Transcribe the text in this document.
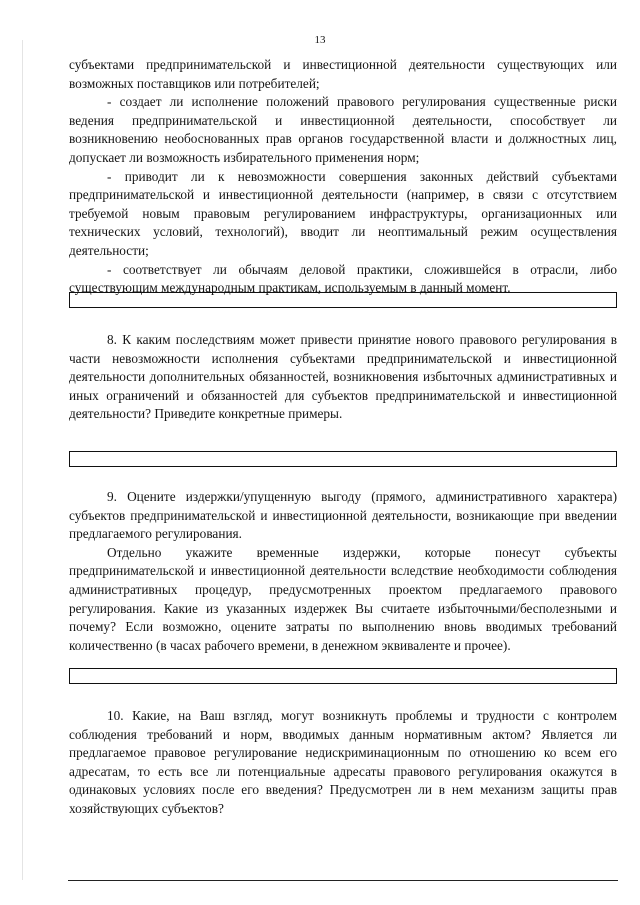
13

субъектами предпринимательской и инвестиционной деятельности существующих или возможных поставщиков или потребителей;

- создает ли исполнение положений правового регулирования существенные риски ведения предпринимательской и инвестиционной деятельности, способствует ли возникновению необоснованных прав органов государственной власти и должностных лиц, допускает ли возможность избирательного применения норм;

- приводит ли к невозможности совершения законных действий субъектами предпринимательской и инвестиционной деятельности (например, в связи с отсутствием требуемой новым правовым регулированием инфраструктуры, организационных или технических условий, технологий), вводит ли неоптимальный режим осуществления деятельности;

- соответствует ли обычаям деловой практики, сложившейся в отрасли, либо существующим международным практикам, используемым в данный момент.

8. К каким последствиям может привести принятие нового правового регулирования в части невозможности исполнения субъектами предпринимательской и инвестиционной деятельности дополнительных обязанностей, возникновения избыточных административных и иных ограничений и обязанностей для субъектов предпринимательской и инвестиционной деятельности? Приведите конкретные примеры.

9. Оцените издержки/упущенную выгоду (прямого, административного характера) субъектов предпринимательской и инвестиционной деятельности, возникающие при введении предлагаемого регулирования.

Отдельно укажите временные издержки, которые понесут субъекты предпринимательской и инвестиционной деятельности вследствие необходимости соблюдения административных процедур, предусмотренных проектом предлагаемого правового регулирования. Какие из указанных издержек Вы считаете избыточными/бесполезными и почему? Если возможно, оцените затраты по выполнению вновь вводимых требований количественно (в часах рабочего времени, в денежном эквиваленте и прочее).

10. Какие, на Ваш взгляд, могут возникнуть проблемы и трудности с контролем соблюдения требований и норм, вводимых данным нормативным актом? Является ли предлагаемое правовое регулирование недискриминационным по отношению ко всем его адресатам, то есть все ли потенциальные адресаты правового регулирования окажутся в одинаковых условиях после его введения? Предусмотрен ли в нем механизм защиты прав хозяйствующих субъектов?
